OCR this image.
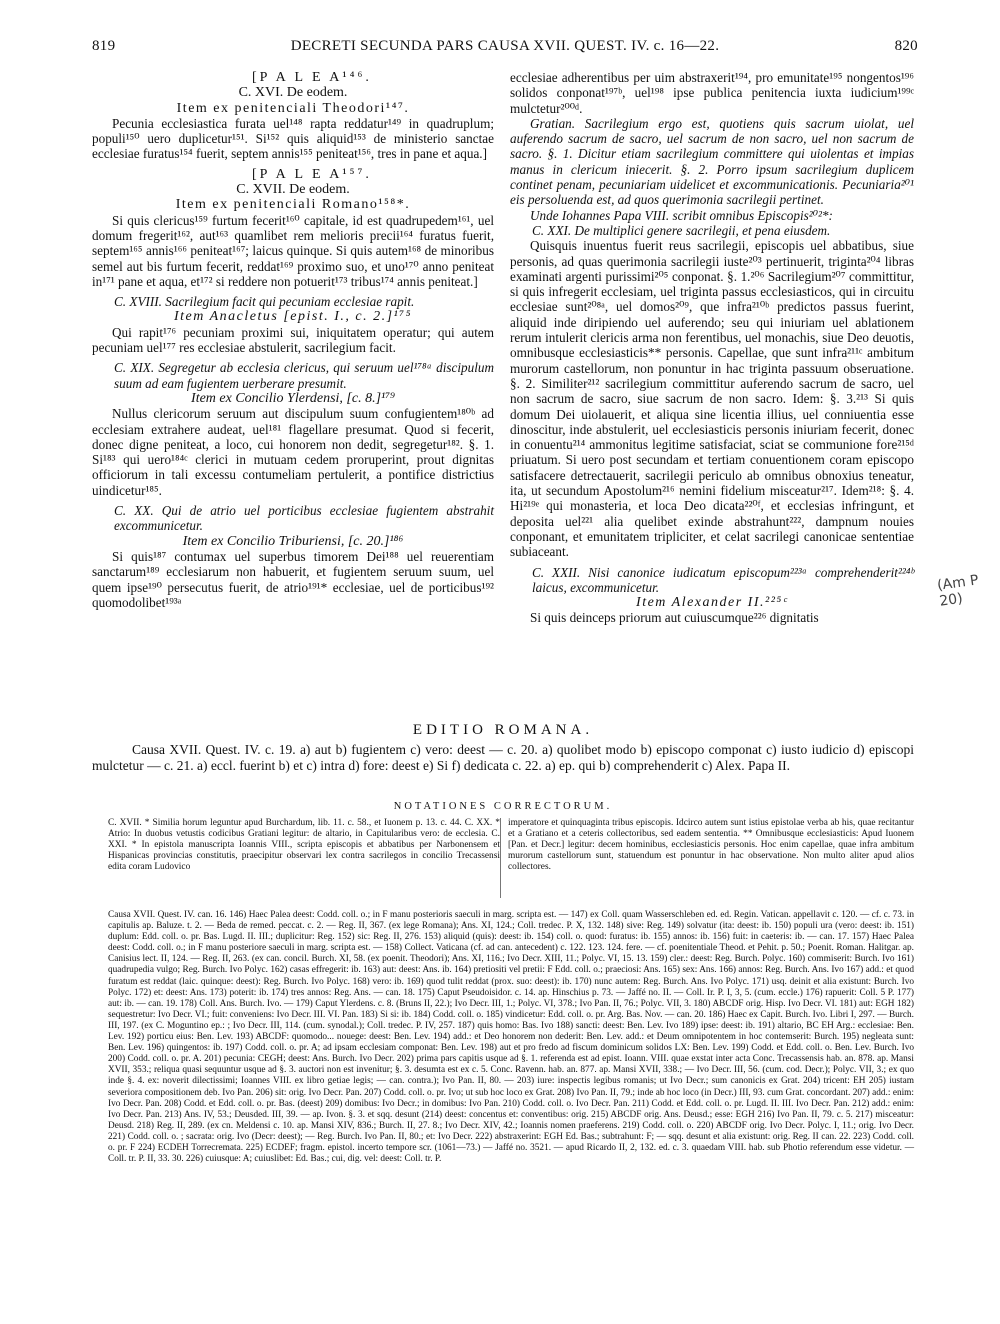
819	DECRETI SECUNDA PARS CAUSA XVII. QUEST. IV. c. 16—22.	820
[P A L E A¹⁴⁶.
C. XVI. De eodem.
Item ex penitenciali Theodori¹⁴⁷.

Pecunia ecclesiastica furata uel¹⁴⁸ rapta reddatur¹⁴⁹ in quadruplum; populi¹⁵⁰ uero duplicetur¹⁵¹. Si¹⁵² quis aliquid¹⁵³ de ministerio sanctae ecclesiae furatus¹⁵⁴ fuerit, septem annis¹⁵⁵ peniteat¹⁵⁶, tres in pane et aqua.]

[P A L E A¹⁵⁷.
C. XVII. De eodem.
Item ex penitenciali Romano¹⁵⁸*.

Si quis clericus¹⁵⁹ furtum fecerit¹⁶⁰ capitale, id est quadrupedem¹⁶¹, uel domum fregerit¹⁶², aut¹⁶³ quamlibet rem melioris precii¹⁶⁴ furatus fuerit, septem¹⁶⁵ annis¹⁶⁶ peniteat¹⁶⁷; laicus quinque. Si quis autem¹⁶⁸ de minoribus semel aut bis furtum fecerit, reddat¹⁶⁹ proximo suo, et uno¹⁷⁰ anno peniteat in¹⁷¹ pane et aqua, et¹⁷² si reddere non potuerit¹⁷³ tribus¹⁷⁴ annis peniteat.]

C. XVIII. Sacrilegium facit qui pecuniam ecclesiae rapit.

Item Anacletus [epist. I., c. 2.]¹⁷⁵

Qui rapit¹⁷⁶ pecuniam proximi sui, iniquitatem operatur; qui autem pecuniam uel¹⁷⁷ res ecclesiae abstulerit, sacrilegium facit.

C. XIX. Segregetur ab ecclesia clericus, qui seruum uel¹⁷⁸ᵃ discipulum suum ad eam fugientem uerberare presumit.

Item ex Concilio Ylerdensi, [c. 8.]¹⁷⁹

Nullus clericorum seruum aut discipulum suum confugientem¹⁸⁰ᵇ ad ecclesiam extrahere audeat, uel¹⁸¹ flagellare presumat. Quod si fecerit, donec digne peniteat, a loco, cui honorem non dedit, segregetur¹⁸². §. 1. Si¹⁸³ qui uero¹⁸⁴ᶜ clerici in mutuam cedem proruperint, prout dignitas officiorum in tali excessu contumeliam pertulerit, a pontifice districtius uindicetur¹⁸⁵.

C. XX. Qui de atrio uel porticibus ecclesiae fugientem abstrahit excommunicetur.

Item ex Concilio Triburiensi, [c. 20.]¹⁸⁶

Si quis¹⁸⁷ contumax uel superbus timorem Dei¹⁸⁸ uel reuerentiam sanctarum¹⁸⁹ ecclesiarum non habuerit, et fugientem seruum suum, uel quem ipse¹⁹⁰ persecutus fuerit, de atrio¹⁹¹* ecclesiae, uel de porticibus¹⁹² quomodolibet¹⁹³ᵃ

ecclesiae adherentibus per uim abstraxerit¹⁹⁴, pro emunitate¹⁹⁵ nongentos¹⁹⁶ solidos conponat¹⁹⁷ᵇ, uel¹⁹⁸ ipse publica penitencia iuxta iudicium¹⁹⁹ᶜ mulctetur²⁰⁰ᵈ.

Gratian. Sacrilegium ergo est, quotiens quis sacrum uiolat, uel auferendo sacrum de sacro, uel sacrum de non sacro, uel non sacrum de sacro. §. 1. Dicitur etiam sacrilegium committere qui uiolentas et impias manus in clericum iniecerit. §. 2. Porro ipsum sacrilegium duplicem continet penam, pecuniariam uidelicet et excommunicationis. Pecuniaria²⁰¹ eis persoluenda est, ad quos querimonia sacrilegii pertinet.

Unde Iohannes Papa VIII. scribit omnibus Episcopis²⁰²*:

C. XXI. De multiplici genere sacrilegii, et pena eiusdem.

Quisquis inuentus fuerit reus sacrilegii, episcopis uel abbatibus, siue personis, ad quas querimonia sacrilegii iuste²⁰³ pertinuerit, triginta²⁰⁴ libras examinati argenti purissimi²⁰⁵ conponat. §. 1.²⁰⁶ Sacrilegium²⁰⁷ committitur, si quis infregerit ecclesiam, uel triginta passus ecclesiasticos, qui in circuitu ecclesiae sunt²⁰⁸ᵃ, uel domos²⁰⁹, que infra²¹⁰ᵇ predictos passus fuerint, aliquid inde diripiendo uel auferendo; seu qui iniuriam uel ablationem rerum intulerit clericis arma non ferentibus, uel monachis, siue Deo deuotis, omnibusque ecclesiasticis** personis. Capellae, que sunt infra²¹¹ᶜ ambitum murorum castellorum, non ponuntur in hac triginta passuum obseruatione. §. 2. Similiter²¹² sacrilegium committitur auferendo sacrum de sacro, uel non sacrum de sacro, siue sacrum de non sacro. Idem: §. 3.²¹³ Si quis domum Dei uiolauerit, et aliqua sine licentia illius, uel conniuentia esse dinoscitur, inde abstulerit, uel ecclesiasticis personis iniuriam fecerit, donec in conuentu²¹⁴ ammonitus legitime satisfaciat, sciat se communione fore²¹⁵ᵈ priuatum. Si uero post secundam et tertiam conuentionem coram episcopo satisfacere detrectauerit, sacrilegii periculo ab omnibus obnoxius teneatur, ita, ut secundum Apostolum²¹⁶ nemini fidelium misceatur²¹⁷. Idem²¹⁸: §. 4. Hi²¹⁹ᵉ qui monasteria, et loca Deo dicata²²⁰ᶠ, et ecclesias infringunt, et deposita uel²²¹ alia quelibet exinde abstrahunt²²², dampnum nouies conponant, et emunitatem tripliciter, et celat sacrilegi canonicae sententiae subiaceant.

C. XXII. Nisi canonice iudicatum episcopum²²³ᵃ comprehenderit²²⁴ᵇ laicus, excommunicetur.

Item Alexander II.²²⁵ᶜ

Si quis deinceps priorum aut cuiuscumque²²⁶ dignitatis

(Am P 20)
EDITIO ROMANA.
Causa XVII. Quest. IV. c. 19. a) aut b) fugientem c) vero: deest — c. 20. a) quolibet modo b) episcopo componat c) iusto iudicio d) episcopi mulctetur — c. 21. a) eccl. fuerint b) et c) intra d) fore: deest e) Si f) dedicata c. 22. a) ep. qui b) comprehenderit c) Alex. Papa II.
NOTATIONES CORRECTORUM.
C. XVII. * Similia horum leguntur apud Burchardum, lib. 11. c. 58., et Iuonem p. 13. c. 44. C. XX. * Atrio: In duobus vetustis codicibus Gratiani legitur: de altario, in Capitularibus vero: de ecclesia. C. XXI. * In epistola manuscripta Ioannis VIII., scripta episcopis et abbatibus per Narbonensem et Hispanicas provincias constitutis, praecipitur observari lex contra sacrilegos in concilio Trecassensi edita coram Ludovico
imperatore et quinquaginta tribus episcopis. Idcirco autem sunt istius epistolae verba ab his, quae recitantur et a Gratiano et a ceteris collectoribus, sed eadem sententia. ** Omnibusque ecclesiasticis: Apud Iuonem [Pan. et Decr.] legitur: decem hominibus, ecclesiasticis personis. Hoc enim capellae, quae infra ambitum murorum castellorum sunt, statuendum est ponuntur in hac observatione. Non multo aliter apud alios collectores.
Causa XVII. Quest. IV. can. 16. 146) Haec Palea deest: Codd. coll. o.; in F manu posterioris saeculi in marg. scripta est. — 147) ex Coll. quam Wasserschleben ed. ed. Regin. Vatican. appellavit c. 120. — cf. c. 73. in capitulis ap. Baluze. t. 2. — Beda de remed. peccat. c. 2. — Reg. II, 367. (ex lege Romana); Ans. XI, 124.; Coll. tredec. P. X, 132. 148) sive: Reg. 149) solvatur (ita: deest: ib. 150) populi ura (vero: deest: ib. 151) duplum: Edd. coll. o. pr. Bas. Lugd. II. III.; duplicitur: Reg. 152) sic: Reg. II, 276. 153) aliquid (quis): deest: ib. 154) coll. o. quod: furatus: ib. 155) annos: ib. 156) fuit: in caeteris: ib. — can. 17. 157) Haec Palea deest: Codd. coll. o.; in F manu posteriore saeculi in marg. scripta est. — 158) Collect. Vaticana (cf. ad can. antecedent) c. 122. 123. 124. fere. — cf. poenitentiale Theod. et Pehit. p. 50.; Poenit. Roman. Halitgar. ap. Canisius lect. II, 124. — Reg. II, 263. (ex can. concil. Burch. XI, 58. (ex poenit. Theodori); Ans. XI, 116.; Ivo Decr. XIII, 11.; Polyc. VI, 15. 13. 159) cler.: deest: Reg. Burch. Polyc. 160) commiserit: Burch. Ivo 161) quadrupedia vulgo; Reg. Burch. Ivo Polyc. 162) casas effregerit: ib. 163) aut: deest: Ans. ib. 164) pretiositi vel pretii: F Edd. coll. o.; praeciosi: Ans. 165) sex: Ans. 166) annos: Reg. Burch. Ans. Ivo 167) add.: et quod furatum est reddat (laic. quinque: deest): Reg. Burch. Ivo Polyc. 168) vero: ib. 169) quod tulit reddat (prox. suo: deest): ib. 170) nunc autem: Reg. Burch. Ans. Ivo Polyc. 171) usq. deinit et alia existunt: Burch. Ivo Polyc. 172) et: deest: Ans. 173) poterit: ib. 174) tres annos: Reg. Ans. — can. 18. 175) Caput Pseudoisidor. c. 14. ap. Hinschius p. 73. — Jaffé no. II. — Coll. Ir. P. I, 3, 5. (cum. eccle.) 176) rapuerit: Coll. 5 P. 177) aut: ib. — can. 19. 178) Coll. Ans. Burch. Ivo. — 179) Caput Ylerdens. c. 8. (Bruns II, 22.); Ivo Decr. III, 1.; Polyc. VI, 378.; Ivo Pan. II, 76.; Polyc. VII, 3. 180) ABCDF orig. Hisp. Ivo Decr. VI. 181) aut: EGH 182) sequestretur: Ivo Decr. VI.; fuit: conveniens: Ivo Decr. III. VI. Pan. 183) Si si: ib. 184) Codd. coll. o. 185) vindicetur: Edd. coll. o. pr. Arg. Bas. Nov. — can. 20. 186) Haec ex Capit. Burch. Ivo. Libri I, 297. — Burch. III, 197. (ex C. Moguntino ep.: ; Ivo Decr. III, 114. (cum. synodal.); Coll. tredec. P. IV, 257. 187) quis homo: Bas. Ivo 188) sancti: deest: Ben. Lev. Ivo 189) ipse: deest: ib. 191) altario, BC EH Arg.: ecclesiae: Ben. Lev. 192) porticu eius: Ben. Lev. 193) ABCDF: quomodo... nouege: deest: Ben. Lev. 194) add.: et Deo honorem non dederit: Ben. Lev. add.: et Deum omnipotentem in hoc contemserit: Burch. 195) negleata sunt: Ben. Lev. 196) quingentos: ib. 197) Codd. coll. o. pr. A; ad ipsam ecclesiam componat: Ben. Lev. 198) aut et pro fredo ad fiscum dominicum solidos LX: Ben. Lev. 199) Codd. et Edd. coll. o. Ben. Lev. Burch. Ivo 200) Codd. coll. o. pr. A. 201) pecunia: CEGH; deest: Ans. Burch. Ivo Decr. 202) prima pars capitis usque ad §. 1. referenda est ad epist. Ioann. VIII. quae exstat inter acta Conc. Trecassensis hab. an. 878. ap. Mansi XVII, 353.; reliqua quasi sequuntur usque ad §. 3. auctori non est invenitur; §. 3. desumta est ex c. 5. Conc. Ravenn. hab. an. 877. ap. Mansi XVII, 338.; — Ivo Decr. III, 56. (cum. cod. Decr.); Polyc. VII, 3.; ex quo inde §. 4. ex: noverit dilectissimi; Ioannes VIII. ex libro getiae legis; — can. contra.); Ivo Pan. II, 80. — 203) iure: inspectis legibus romanis; ut Ivo Decr.; sum canonicis ex Grat. 204) tricent: EH 205) iustam severiora compositionem deb. Ivo Pan. 206) sit: orig. Ivo Decr. Pan. 207) Codd. coll. o. pr. Ivo; ut sub hoc loco ex Grat. 208) Ivo Pan. II, 79.; inde ab hoc loco (in Decr.) III, 93. cum Grat. concordant. 207) add.: enim: Ivo Decr. Pan. 208) Codd. et Edd. coll. o. pr. Bas. (deest) 209) domibus: Ivo Decr.; in domibus: Ivo Pan. 210) Codd. coll. o. Ivo Decr. Pan. 211) Codd. et Edd. coll. o. pr. Lugd. II. III. Ivo Decr. Pan. 212) add.: enim: Ivo Decr. Pan. 213) Ans. IV, 53.; Deusded. III, 39. — ap. Ivon. §. 3. et sqq. desunt (214) deest: concentus et: conventibus: orig. 215) ABCDF orig. Ans. Deusd.; esse: EGH 216) Ivo Pan. II, 79. c. 5. 217) misceatur: Deusd. 218) Reg. II, 289. (ex cn. Meldensi c. 10. ap. Mansi XIV, 836.; Burch. II, 27. 8.; Ivo Decr. XIV, 42.; Ioannis nomen praeferens. 219) Codd. coll. o. 220) ABCDF orig. Ivo Decr. Polyc. I, 11.; orig. Ivo Decr. 221) Codd. coll. o. ; sacrata: orig. Ivo (Decr: deest); — Reg. Burch. Ivo Pan. II, 80.; et: Ivo Decr. 222) abstraxerint: EGH Ed. Bas.; subtrahunt: F; — sqq. desunt et alia existunt: orig. Reg. II can. 22. 223) Codd. coll. o. pr. F 224) ECDEH Torrecremata. 225) ECDEF; fragm. epistol. incerto tempore scr. (1061—73.) — Jaffé no. 3521. — apud Ricardo II, 2, 132. ed. c. 3. quaedam VIII. hab. sub Photio referendum esse videtur. — Coll. tr. P. II, 33. 30. 226) cuiusque: A; cuiuslibet: Ed. Bas.; cui, dig. vel: deest: Coll. tr. P.
